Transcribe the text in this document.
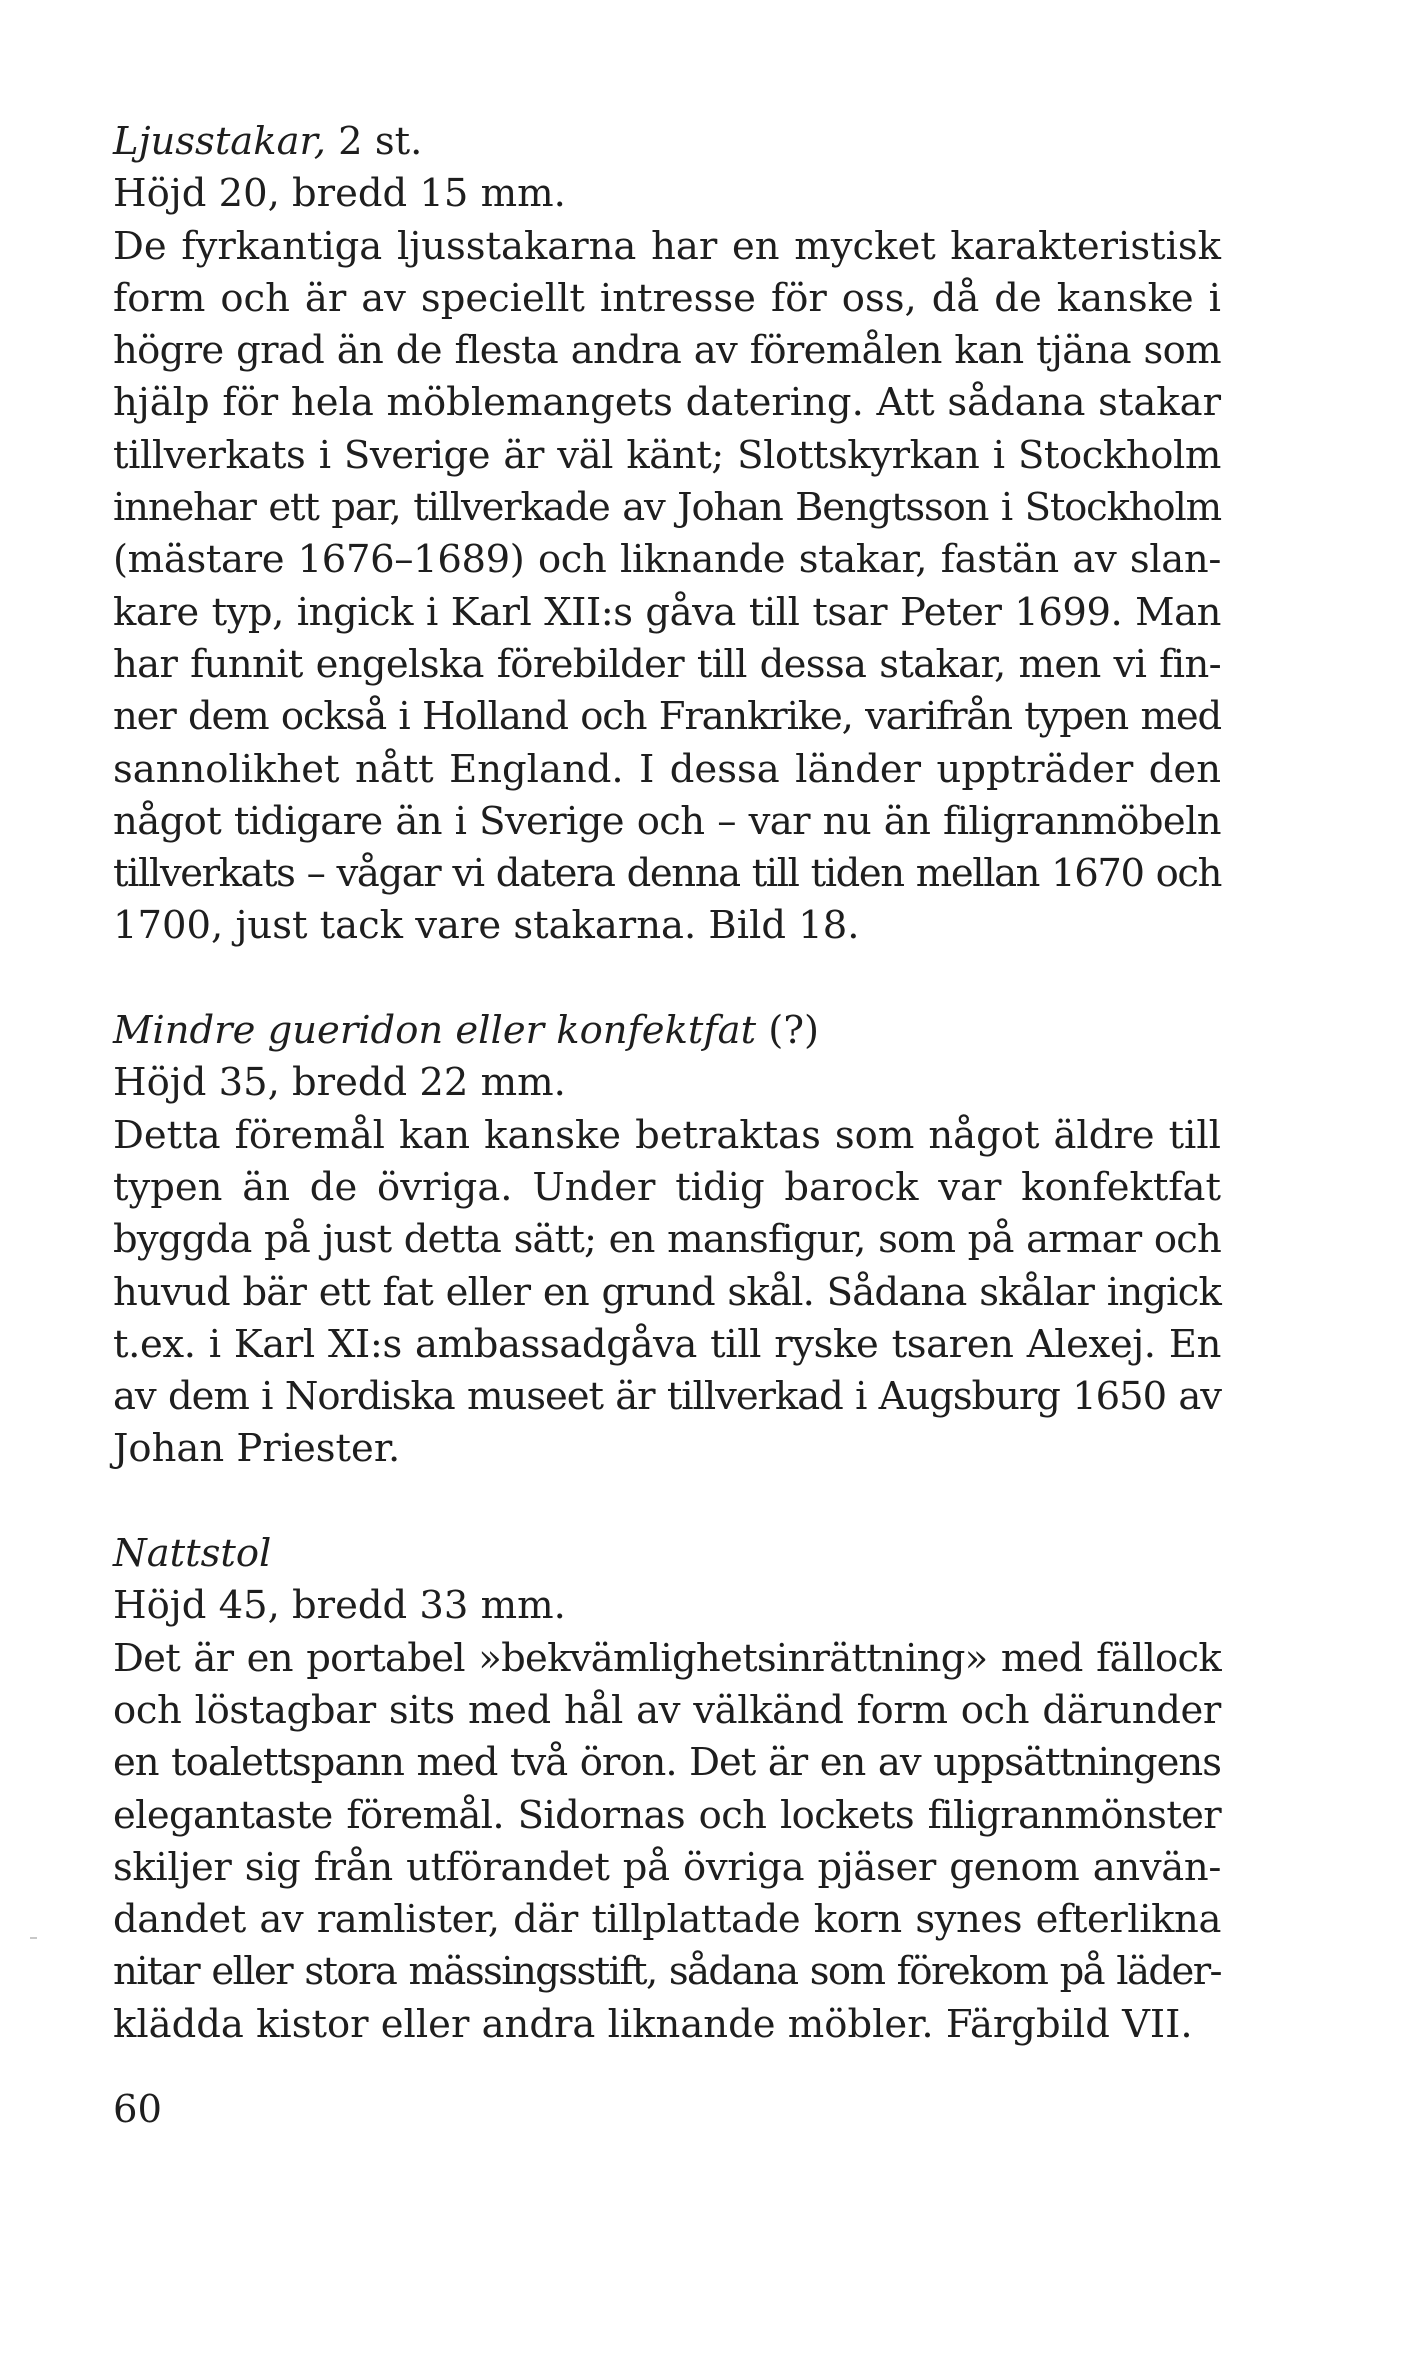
Ljusstakar, 2 st.
Höjd 20, bredd 15 mm.
De fyrkantiga ljusstakarna har en mycket karakteristisk
form och är av speciellt intresse för oss, då de kanske i
högre grad än de flesta andra av föremålen kan tjäna som
hjälp för hela möblemangets datering. Att sådana stakar
tillverkats i Sverige är väl känt; Slottskyrkan i Stockholm
innehar ett par, tillverkade av Johan Bengtsson i Stockholm
(mästare 1676–1689) och liknande stakar, fastän av slan-
kare typ, ingick i Karl XII:s gåva till tsar Peter 1699. Man
har funnit engelska förebilder till dessa stakar, men vi fin-
ner dem också i Holland och Frankrike, varifrån typen med
sannolikhet nått England. I dessa länder uppträder den
något tidigare än i Sverige och – var nu än filigranmöbeln
tillverkats – vågar vi datera denna till tiden mellan 1670 och
1700, just tack vare stakarna. Bild 18.
Mindre gueridon eller konfektfat (?)
Höjd 35, bredd 22 mm.
Detta föremål kan kanske betraktas som något äldre till
typen än de övriga. Under tidig barock var konfektfat
byggda på just detta sätt; en mansfigur, som på armar och
huvud bär ett fat eller en grund skål. Sådana skålar ingick
t.ex. i Karl XI:s ambassadgåva till ryske tsaren Alexej. En
av dem i Nordiska museet är tillverkad i Augsburg 1650 av
Johan Priester.
Nattstol
Höjd 45, bredd 33 mm.
Det är en portabel »bekvämlighetsinrättning» med fällock
och löstagbar sits med hål av välkänd form och därunder
en toalettspann med två öron. Det är en av uppsättningens
elegantaste föremål. Sidornas och lockets filigranmönster
skiljer sig från utförandet på övriga pjäser genom använ-
dandet av ramlister, där tillplattade korn synes efterlikna
nitar eller stora mässingsstift, sådana som förekom på läder-
klädda kistor eller andra liknande möbler. Färgbild VII.
60
